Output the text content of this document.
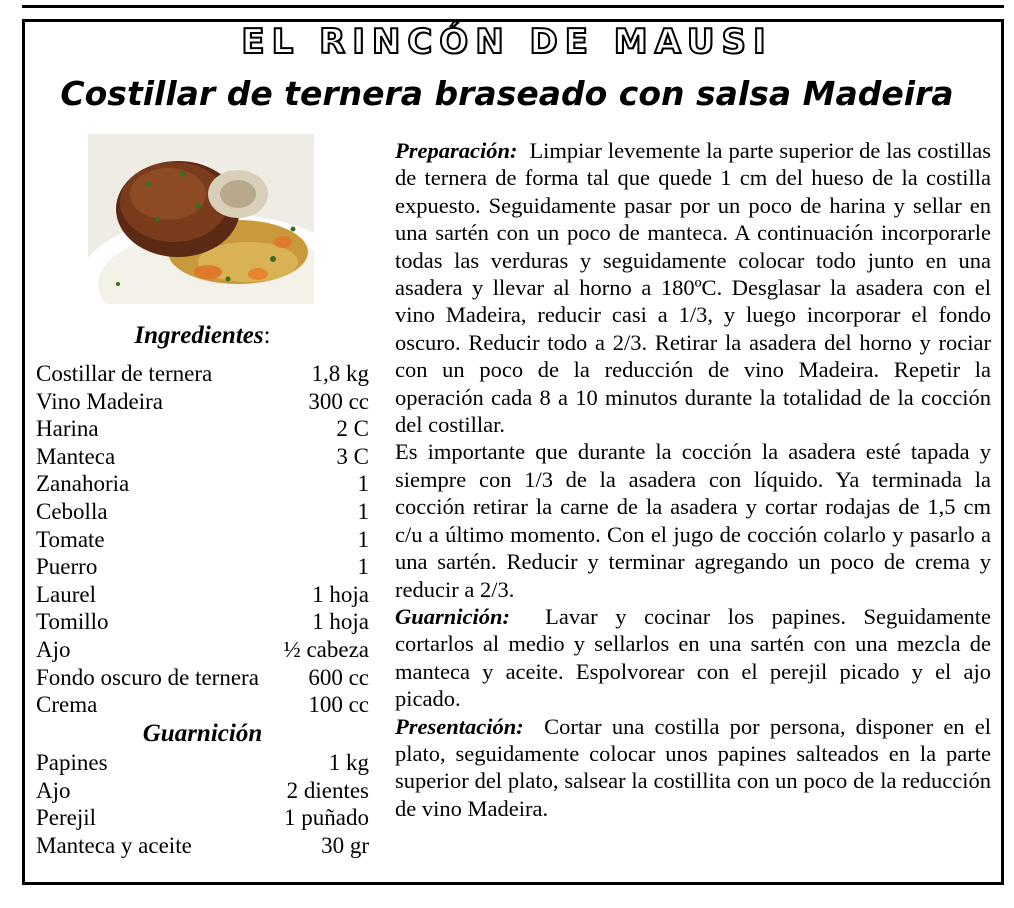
EL RINCÓN DE MAUSI
Costillar de ternera braseado con salsa Madeira
Ingredientes:
Costillar de ternera	1,8 kg
Vino Madeira	300 cc
Harina	2 C
Manteca	3 C
Zanahoria	1
Cebolla	1
Tomate	1
Puerro	1
Laurel	1 hoja
Tomillo	1 hoja
Ajo	½ cabeza
Fondo oscuro de ternera 600 cc
Crema	100 cc
Guarnición
Papines	1 kg
Ajo	2 dientes
Perejil	1 puñado
Manteca y aceite	30 gr

Preparación: Limpiar levemente la parte superior de las costillas de ternera de forma tal que quede 1 cm del hueso de la costilla expuesto. Seguidamente pasar por un poco de harina y sellar en una sartén con un poco de manteca. A continuación incorporarle todas las verduras y seguidamente colocar todo junto en una asadera y llevar al horno a 180ºC. Desglasar la asadera con el vino Madeira, reducir casi a 1/3, y luego incorporar el fondo oscuro. Reducir todo a 2/3. Retirar la asadera del horno y rociar con un poco de la reducción de vino Madeira. Repetir la operación cada 8 a 10 minutos durante la totalidad de la cocción del costillar.

Es importante que durante la cocción la asadera esté tapada y siempre con 1/3 de la asadera con líquido. Ya terminada la cocción retirar la carne de la asadera y cortar rodajas de 1,5 cm c/u a último momento. Con el jugo de cocción colarlo y pasarlo a una sartén. Reducir y terminar agregando un poco de crema y reducir a 2/3.

Guarnición: Lavar y cocinar los papines. Seguidamente cortarlos al medio y sellarlos en una sartén con una mezcla de manteca y aceite. Espolvorear con el perejil picado y el ajo picado.

Presentación: Cortar una costilla por persona, disponer en el plato, seguidamente colocar unos papines salteados en la parte superior del plato, salsear la costillita con un poco de la reducción de vino Madeira.
